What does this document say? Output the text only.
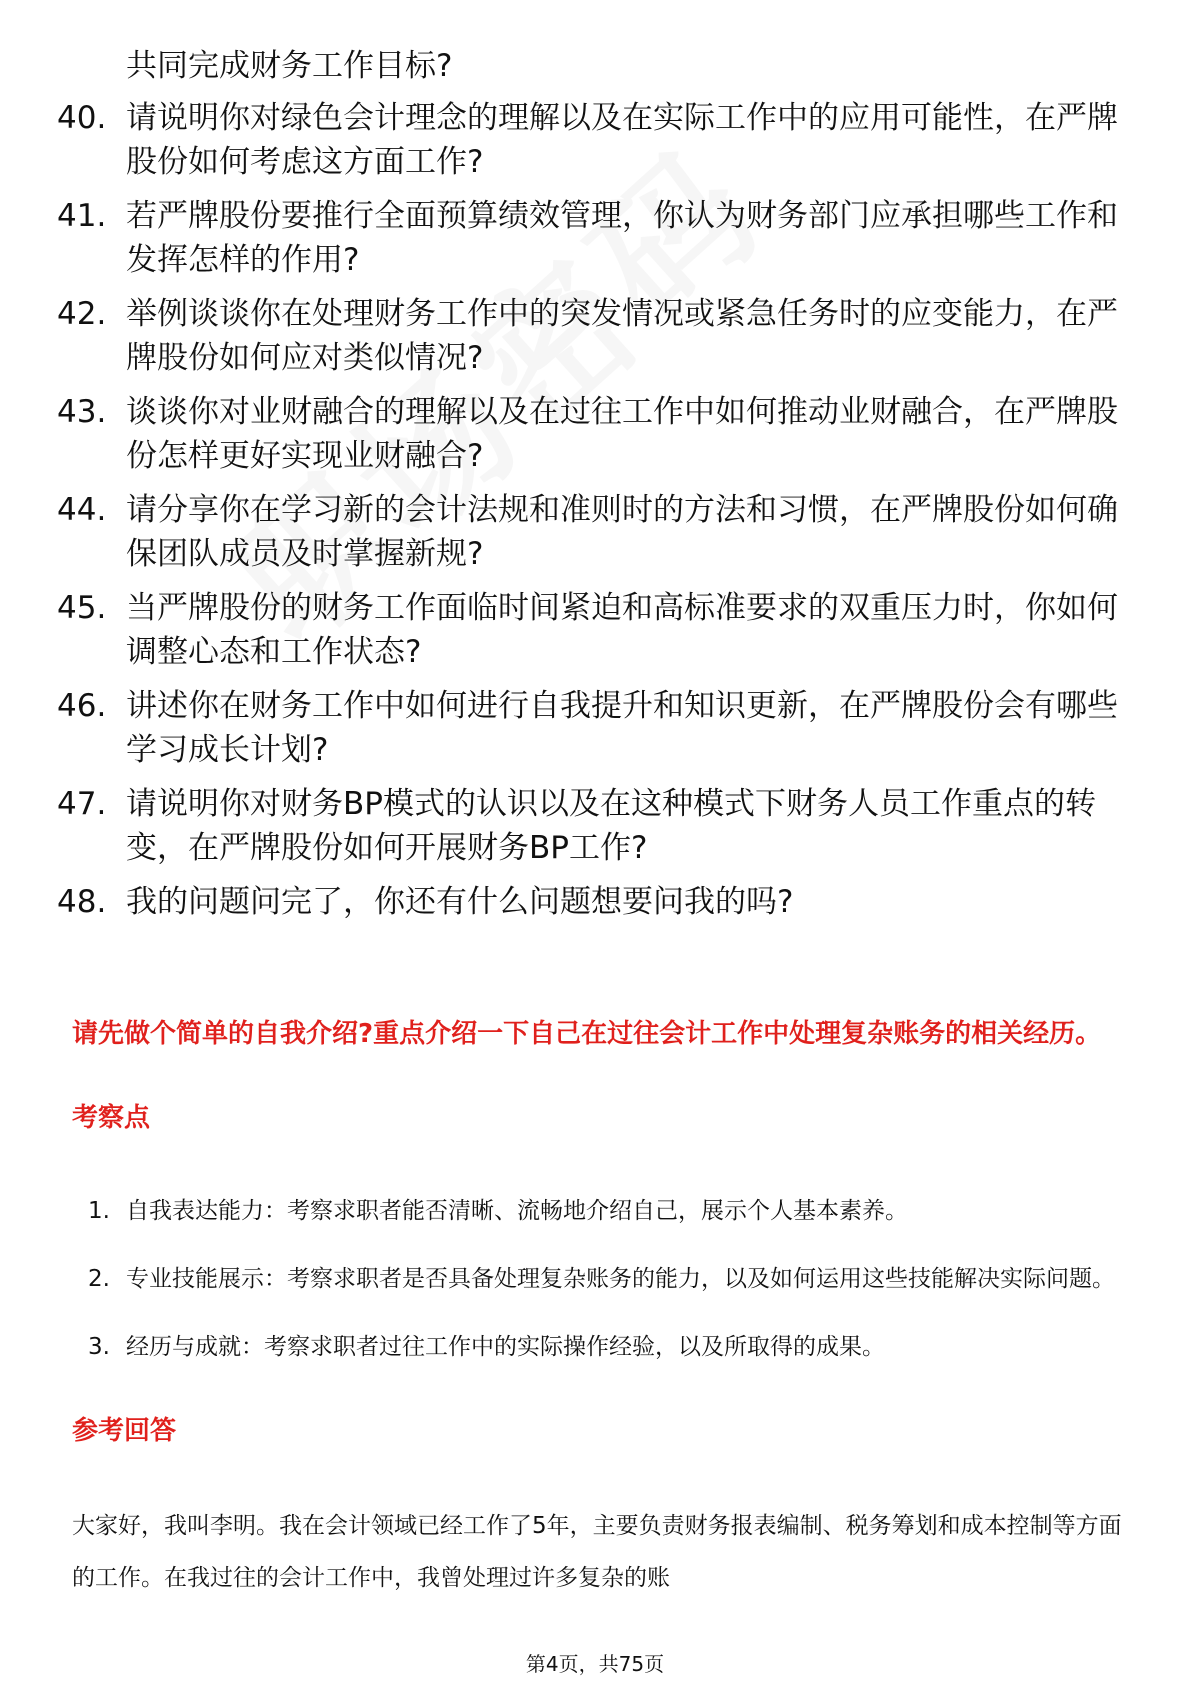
共同完成财务工作目标?
40. 请说明你对绿色会计理念的理解以及在实际工作中的应用可能性，在严牌股份如何考虑这方面工作?
41. 若严牌股份要推行全面预算绩效管理，你认为财务部门应承担哪些工作和发挥怎样的作用?
42. 举例谈谈你在处理财务工作中的突发情况或紧急任务时的应变能力，在严牌股份如何应对类似情况?
43. 谈谈你对业财融合的理解以及在过往工作中如何推动业财融合，在严牌股份怎样更好实现业财融合?
44. 请分享你在学习新的会计法规和准则时的方法和习惯，在严牌股份如何确保团队成员及时掌握新规?
45. 当严牌股份的财务工作面临时间紧迫和高标准要求的双重压力时，你如何调整心态和工作状态?
46. 讲述你在财务工作中如何进行自我提升和知识更新，在严牌股份会有哪些学习成长计划?
47. 请说明你对财务BP模式的认识以及在这种模式下财务人员工作重点的转变，在严牌股份如何开展财务BP工作?
48. 我的问题问完了，你还有什么问题想要问我的吗?
请先做个简单的自我介绍?重点介绍一下自己在过往会计工作中处理复杂账务的相关经历。
考察点
1. 自我表达能力：考察求职者能否清晰、流畅地介绍自己，展示个人基本素养。
2. 专业技能展示：考察求职者是否具备处理复杂账务的能力，以及如何运用这些技能解决实际问题。
3. 经历与成就：考察求职者过往工作中的实际操作经验，以及所取得的成果。
参考回答
大家好，我叫李明。我在会计领域已经工作了5年，主要负责财务报表编制、税务筹划和成本控制等方面的工作。在我过往的会计工作中，我曾处理过许多复杂的账
第4页，共75页
